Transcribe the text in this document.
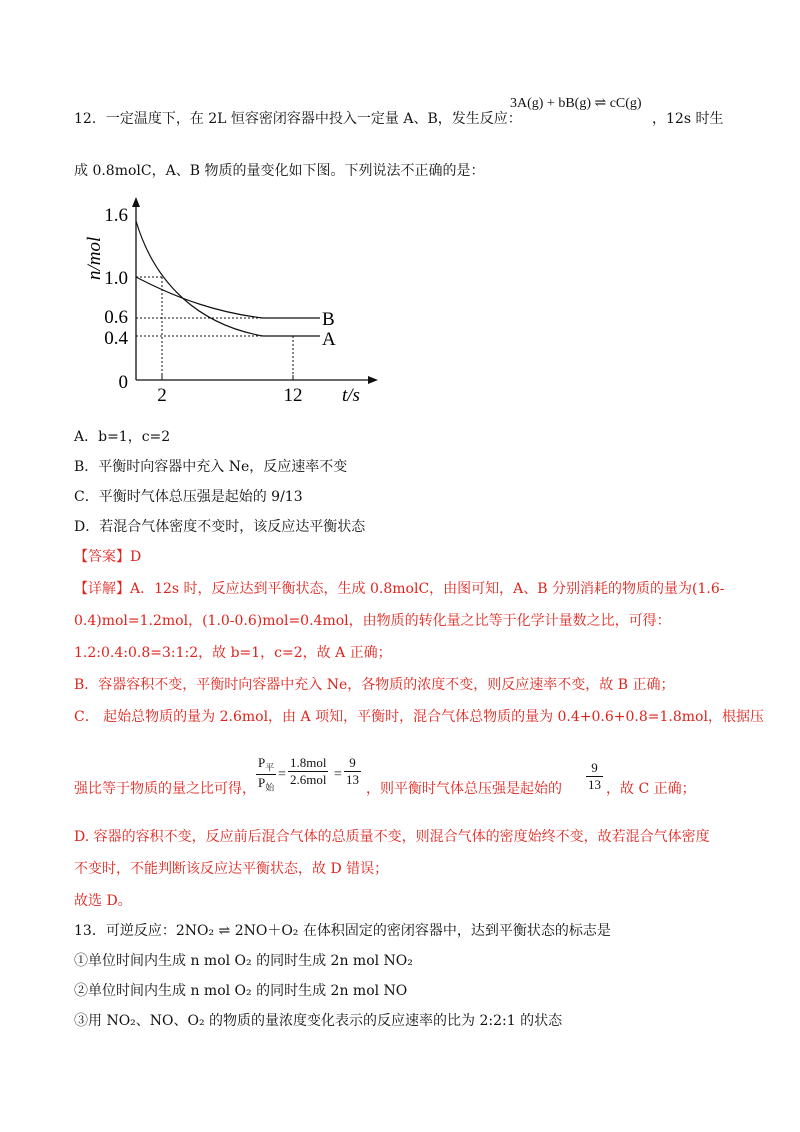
12．一定温度下，在 2L 恒容密闭容器中投入一定量 A、B，发生反应：
3A(g) + bB(g) ⇌ cC(g)
，12s 时生
成 0.8molC，A、B 物质的量变化如下图。下列说法不正确的是：
1.6
1.0
0.6
0.4
0
2	12 t/s
n/mol
B
A
A．b=1，c=2
B．平衡时向容器中充入 Ne，反应速率不变
C．平衡时气体总压强是起始的 9/13
D．若混合气体密度不变时，该反应达平衡状态
【答案】D
【详解】A．12s 时，反应达到平衡状态，生成 0.8molC，由图可知，A、B 分别消耗的物质的量为(1.6-
0.4)mol=1.2mol，(1.0-0.6)mol=0.4mol，由物质的转化量之比等于化学计量数之比，可得：
1.2:0.4:0.8=3:1:2，故 b=1，c=2，故 A 正确；
B．容器容积不变，平衡时向容器中充入 Ne，各物质的浓度不变，则反应速率不变，故 B 正确；
C． 起始总物质的量为 2.6mol，由 A 项知，平衡时，混合气体总物质的量为 0.4+0.6+0.8=1.8mol，根据压
强比等于物质的量之比可得，
$P_平$
$P_始$
=
1.8mol
$2.6mol = \frac{9}{13}$
，则平衡时气体总压强是起始的 $\frac{9}{13}$ ，故 C 正确；
D. 容器的容积不变，反应前后混合气体的总质量不变，则混合气体的密度始终不变，故若混合气体密度
不变时，不能判断该反应达平衡状态，故 D 错误；
故选 D。
13．可逆反应：2NO₂ ⇌ 2NO＋O₂ 在体积固定的密闭容器中，达到平衡状态的标志是
①单位时间内生成 n mol O₂ 的同时生成 2n mol NO₂
②单位时间内生成 n mol O₂ 的同时生成 2n mol NO
③用 NO₂、NO、O₂ 的物质的量浓度变化表示的反应速率的比为 2:2:1 的状态
